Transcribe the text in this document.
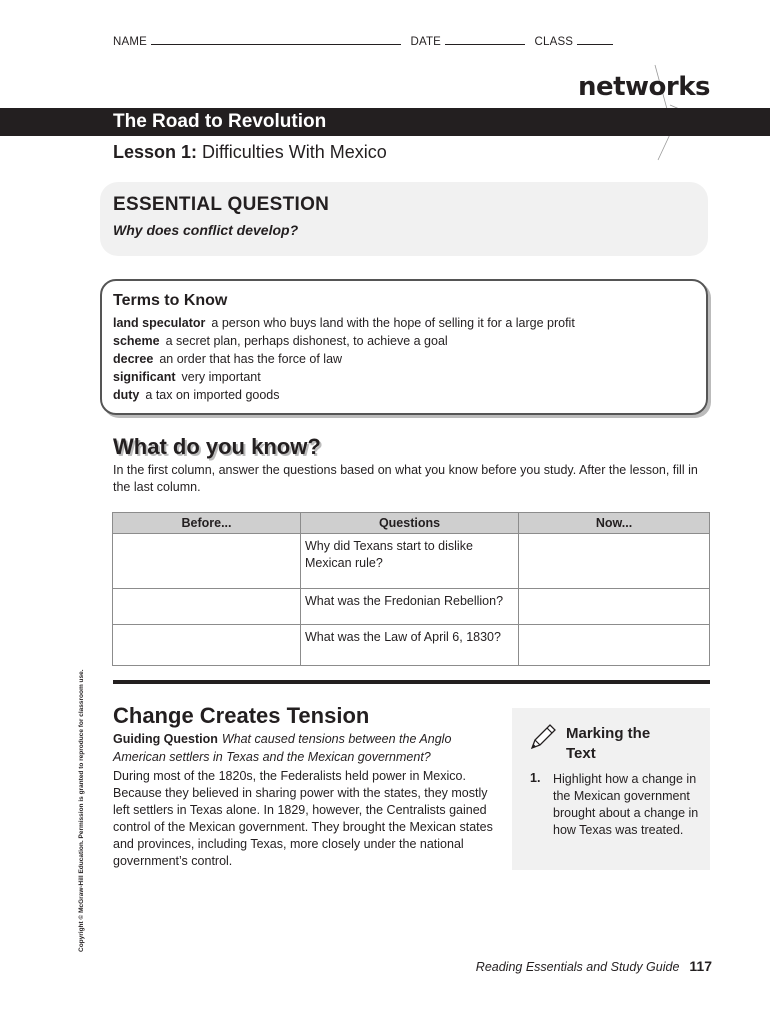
NAME	DATE	CLASS
networks
The Road to Revolution
Lesson 1: Difficulties With Mexico
ESSENTIAL QUESTION
Why does conflict develop?
Terms to Know
land speculator a person who buys land with the hope of selling it for a large profit
scheme a secret plan, perhaps dishonest, to achieve a goal
decree an order that has the force of law
significant very important
duty a tax on imported goods
What do you know?
In the first column, answer the questions based on what you know before you study. After the lesson, fill in the last column.
Before...	Questions	Now...
	Why did Texans start to dislike Mexican rule?	
	What was the Fredonian Rebellion?	
	What was the Law of April 6, 1830?	
Change Creates Tension
Guiding Question What caused tensions between the Anglo American settlers in Texas and the Mexican government?
During most of the 1820s, the Federalists held power in Mexico. Because they believed in sharing power with the states, they mostly left settlers in Texas alone. In 1829, however, the Centralists gained control of the Mexican government. They brought the Mexican states and provinces, including Texas, more closely under the national government’s control.
Marking the Text
1. Highlight how a change in the Mexican government brought about a change in how Texas was treated.
Copyright © McGraw-Hill Education. Permission is granted to reproduce for classroom use.
Reading Essentials and Study Guide 117
